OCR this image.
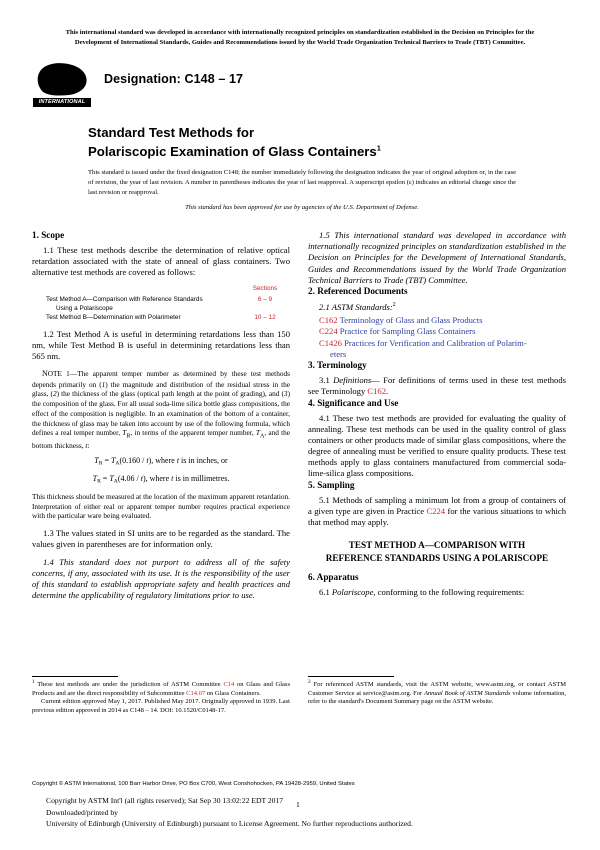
This international standard was developed in accordance with internationally recognized principles on standardization established in the Decision on Principles for the
Development of International Standards, Guides and Recommendations issued by the World Trade Organization Technical Barriers to Trade (TBT) Committee.
INTERNATIONAL
Designation: C148 – 17
Standard Test Methods for
Polariscopic Examination of Glass Containers$^1$
This standard is issued under the fixed designation C148; the number immediately following the designation indicates the year of original adoption or, in the case of revision, the year of last revision. A number in parentheses indicates the year of last reapproval. A superscript epsilon (ε) indicates an editorial change since the last revision or reapproval.
This standard has been approved for use by agencies of the U.S. Department of Defense.
1. Scope

1.1 These test methods describe the determination of relative optical retardation associated with the state of anneal of glass containers. Two alternative test methods are covered as follows:

	Sections
Test Method A—Comparison with Reference Standards	6 – 9
Using a Polariscope	
Test Method B—Determination with Polarimeter	10 – 12

1.2 Test Method A is useful in determining retardations less than 150 nm, while Test Method B is useful in determining retardations less than 565 nm.

NOTE 1—The apparent temper number as determined by these test methods depends primarily on (1) the magnitude and distribution of the residual stress in the glass, (2) the thickness of the glass (optical path length at the point of grading), and (3) the composition of the glass. For all usual soda-lime silica bottle glass compositions, the effect of the composition is negligible. In an examination of the bottom of a container, the thickness of glass may be taken into account by use of the following formula, which defines a real temper number, $T_R$, in terms of the apparent temper number, $T_A$, and the bottom thickness, t:
$T_R = T_A(0.160 / t)$, where t is in inches, or
$T_R = T_A(4.06 / t)$, where t is in millimetres.
This thickness should be measured at the location of the maximum apparent retardation. Interpretation of either real or apparent temper number requires practical experience with the particular ware being evaluated.

1.3 The values stated in SI units are to be regarded as the standard. The values given in parentheses are for information only.

1.4 This standard does not purport to address all of the safety concerns, if any, associated with its use. It is the responsibility of the user of this standard to establish appropriate safety and health practices and determine the applicability of regulatory limitations prior to use.

1.5 This international standard was developed in accordance with internationally recognized principles on standardization established in the Decision on Principles for the Development of International Standards, Guides and Recommendations issued by the World Trade Organization Technical Barriers to Trade (TBT) Committee.

2. Referenced Documents
2.1 ASTM Standards:$^2$
C162 Terminology of Glass and Glass Products
C224 Practice for Sampling Glass Containers
C1426 Practices for Verification and Calibration of Polarim-
eters
3. Terminology

3.1 Definitions— For definitions of terms used in these test methods see Terminology C162.

4. Significance and Use

4.1 These two test methods are provided for evaluating the quality of annealing. These test methods can be used in the quality control of glass containers or other products made of similar glass compositions, where the degree of annealing must be verified to ensure quality products. These test methods apply to glass containers manufactured from commercial soda-lime-silica glass compositions.

5. Sampling

5.1 Methods of sampling a minimum lot from a group of containers of a given type are given in Practice C224 for the various situations to which that method may apply.

TEST METHOD A—COMPARISON WITH
REFERENCE STANDARDS USING A POLARISCOPE
6. Apparatus

6.1 Polariscope, conforming to the following requirements:

$^1$ These test methods are under the jurisdiction of ASTM Committee C14 on Glass and Glass Products and are the direct responsibility of Subcommittee C14.07 on Glass Containers.

Current edition approved May 1, 2017. Published May 2017. Originally approved in 1939. Last previous edition approved in 2014 as C148 – 14. DOI: 10.1520/C0148-17.

$^2$ For referenced ASTM standards, visit the ASTM website, www.astm.org, or contact ASTM Customer Service at service@astm.org. For Annual Book of ASTM Standards volume information, refer to the standard's Document Summary page on the ASTM website.

Copyright © ASTM International, 100 Barr Harbor Drive, PO Box C700, West Conshohocken, PA 19428-2959, United States
Copyright by ASTM Int'l (all rights reserved); Sat Sep 30 13:02:22 EDT 2017
Downloaded/printed by
University of Edinburgh (University of Edinburgh) pursuant to License Agreement. No further reproductions authorized.
1
